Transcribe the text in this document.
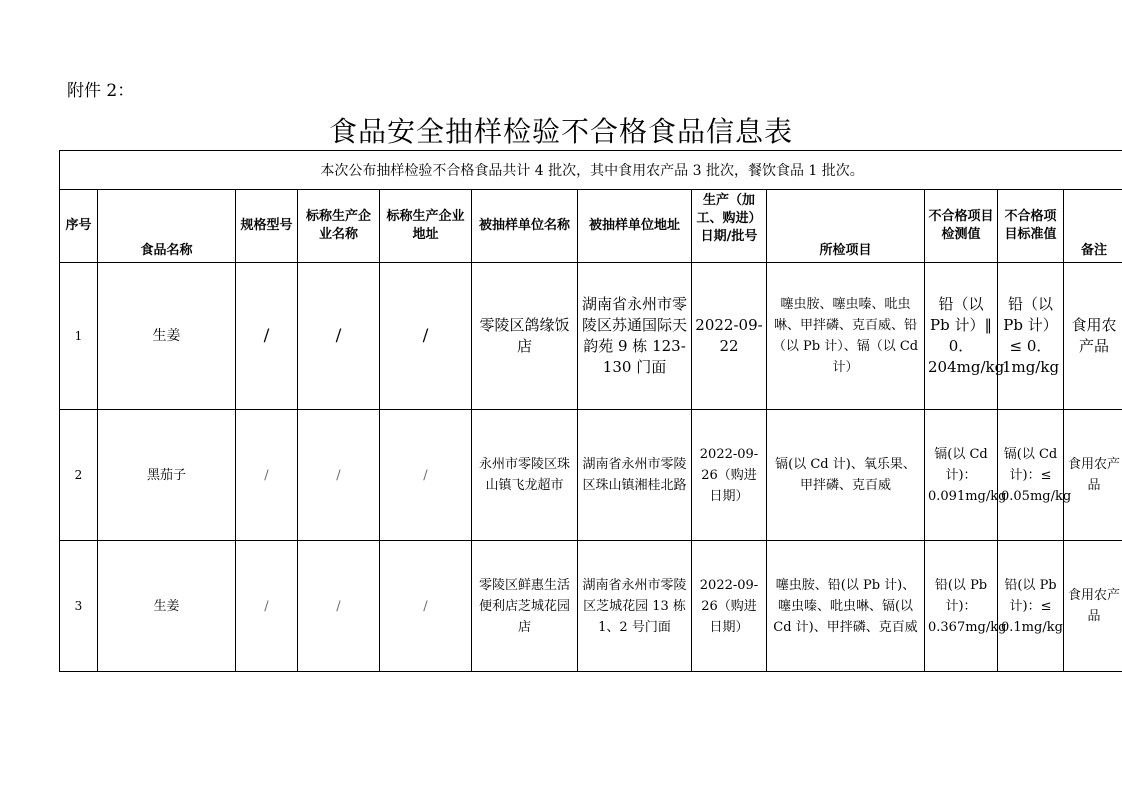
附件 2：
食品安全抽样检验不合格食品信息表
本次公布抽样检验不合格食品共计 4 批次，其中食用农产品 3 批次，餐饮食品 1 批次。											
序号	食品名称	规格型号	标称生产企业名称	标称生产企业地址	被抽样单位名称	被抽样单位地址	生产（加工、购进）日期/批号	所检项目	不合格项目检测值	不合格项目标准值	备注
1	生姜	/	/	/	零陵区鸽缘饭店	湖南省永州市零陵区苏通国际天韵苑 9 栋 123-130 门面	2022-09-22	噻虫胺、噻虫嗪、吡虫啉、甲拌磷、克百威、铅（以 Pb 计）、镉（以 Cd 计）	铅（以 Pb 计）‖ 0．204mg/kg	铅（以 Pb 计）≤ 0．1mg/kg	食用农产品
2	黑茄子	/	/	/	永州市零陵区珠山镇飞龙超市	湖南省永州市零陵区珠山镇湘桂北路	2022-09-26（购进日期）	镉(以 Cd 计)、氧乐果、甲拌磷、克百威	镉(以 Cd 计)：0.091mg/kg	镉(以 Cd 计)：≤ 0.05mg/kg	食用农产品
3	生姜	/	/	/	零陵区鲜惠生活便利店芝城花园店	湖南省永州市零陵区芝城花园 13 栋 1、2 号门面	2022-09-26（购进日期）	噻虫胺、铅(以 Pb 计)、噻虫嗪、吡虫啉、镉(以 Cd 计)、甲拌磷、克百威	铅(以 Pb 计)：0.367mg/kg	铅(以 Pb 计)：≤ 0.1mg/kg	食用农产品
